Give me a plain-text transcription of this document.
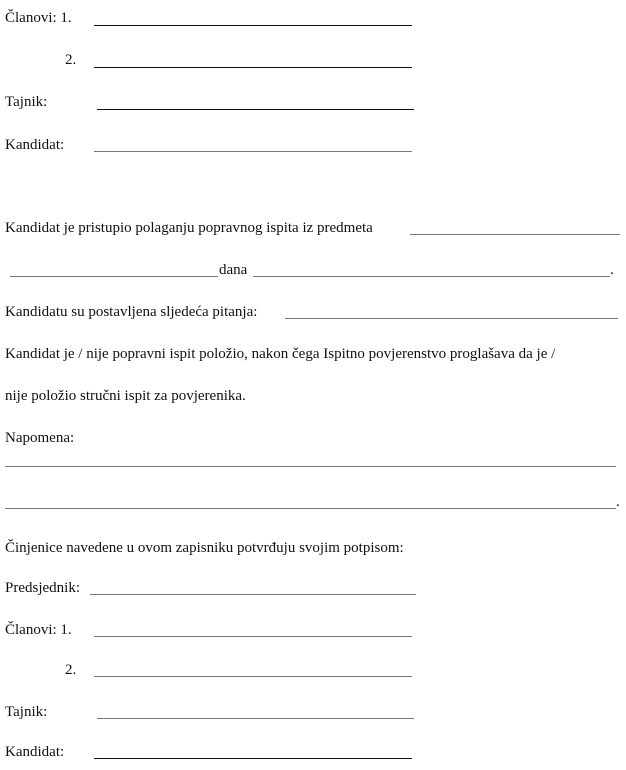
Članovi: 1.
2.
Tajnik:
Kandidat:
Kandidat je pristupio polaganju popravnog ispita iz predmeta
dana	.
Kandidatu su postavljena sljedeća pitanja:
Kandidat je / nije popravni ispit položio, nakon čega Ispitno povjerenstvo proglašava da je /
nije položio stručni ispit za povjerenika.
Napomena:
.
Činjenice navedene u ovom zapisniku potvrđuju svojim potpisom:
Predsjednik:
Članovi: 1.
2.
Tajnik:
Kandidat:
